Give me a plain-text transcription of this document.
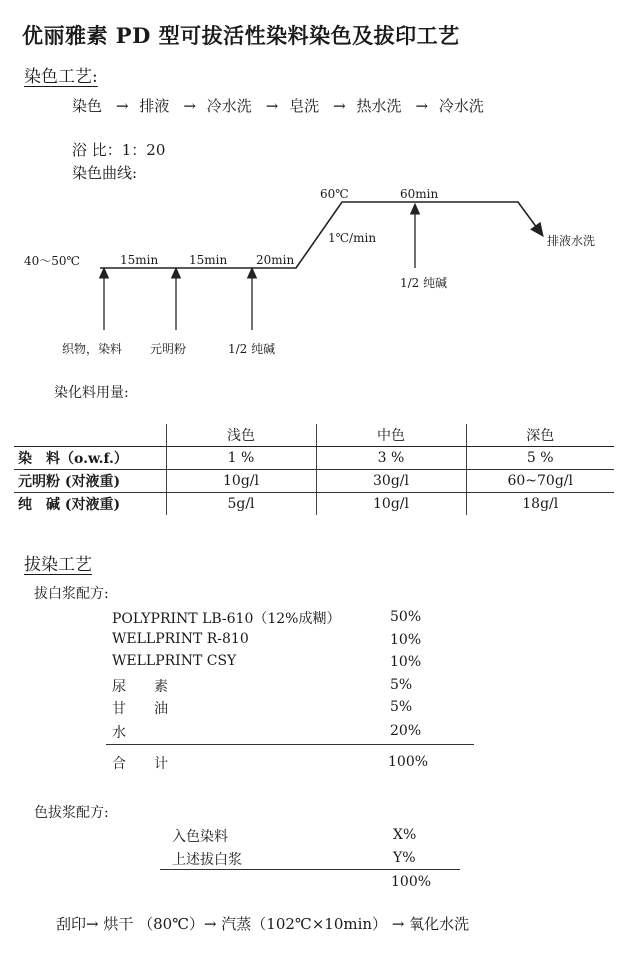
优丽雅素 PD 型可拔活性染料染色及拔印工艺
染色工艺:
染色 → 排液 → 冷水洗 → 皂洗 → 热水洗 → 冷水洗
浴 比：1：20
染色曲线:
40～50℃	15min	15min 20min
1℃/min
60℃	60min
排液水洗
1/2 纯碱
织物，染料 元明粉	1/2 纯碱
染化料用量:
	浅色	中色	深色
染　料（o.w.f.）	1 %	3 %	5 %
元明粉 (对液重)	10g/l	30g/l	60~70g/l
纯　碱 (对液重)	5g/l	10g/l	18g/l
拔染工艺
拔白浆配方:
POLYPRINT LB-610（12%成糊）	50%
WELLPRINT R-810	10%
WELLPRINT CSY	10%
尿　　素	5%
甘　　油	5%
水	20%
合　　计	100%
色拔浆配方:
入色染料	X%
上述拔白浆	Y%
100%
刮印→ 烘干 （80℃）→ 汽蒸（102℃×10min） → 氧化水洗
